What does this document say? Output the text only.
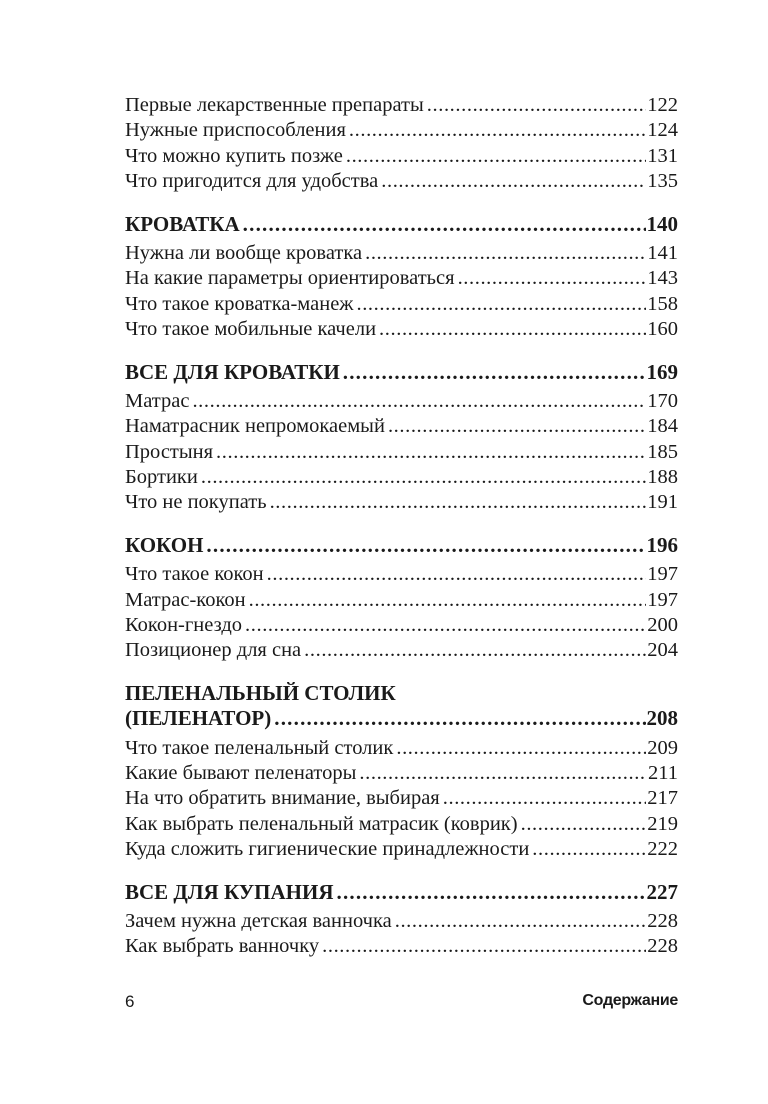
Первые лекарственные препараты .....	122
Нужные приспособления .....	124
Что можно купить позже .....	131
Что пригодится для удобства .....	135
КРОВАТКА .....	140
Нужна ли вообще кроватка .....	141
На какие параметры ориентироваться .....	143
Что такое кроватка-манеж .....	158
Что такое мобильные качели .....	160
ВСЕ ДЛЯ КРОВАТКИ .....	169
Матрас .....	170
Наматрасник непромокаемый .....	184
Простыня .....	185
Бортики .....	188
Что не покупать .....	191
КОКОН .....	196
Что такое кокон .....	197
Матрас-кокон .....	197
Кокон-гнездо .....	200
Позиционер для сна .....	204
ПЕЛЕНАЛЬНЫЙ СТОЛИК
(ПЕЛЕНАТОР) .....	208
Что такое пеленальный столик .....	209
Какие бывают пеленаторы .....	211
На что обратить внимание, выбирая .....	217
Как выбрать пеленальный матрасик (коврик) .....	219
Куда сложить гигиенические принадлежности .....	222
ВСЕ ДЛЯ КУПАНИЯ .....	227
Зачем нужна детская ванночка .....	228
Как выбрать ванночку .....	228
6	Содержание
